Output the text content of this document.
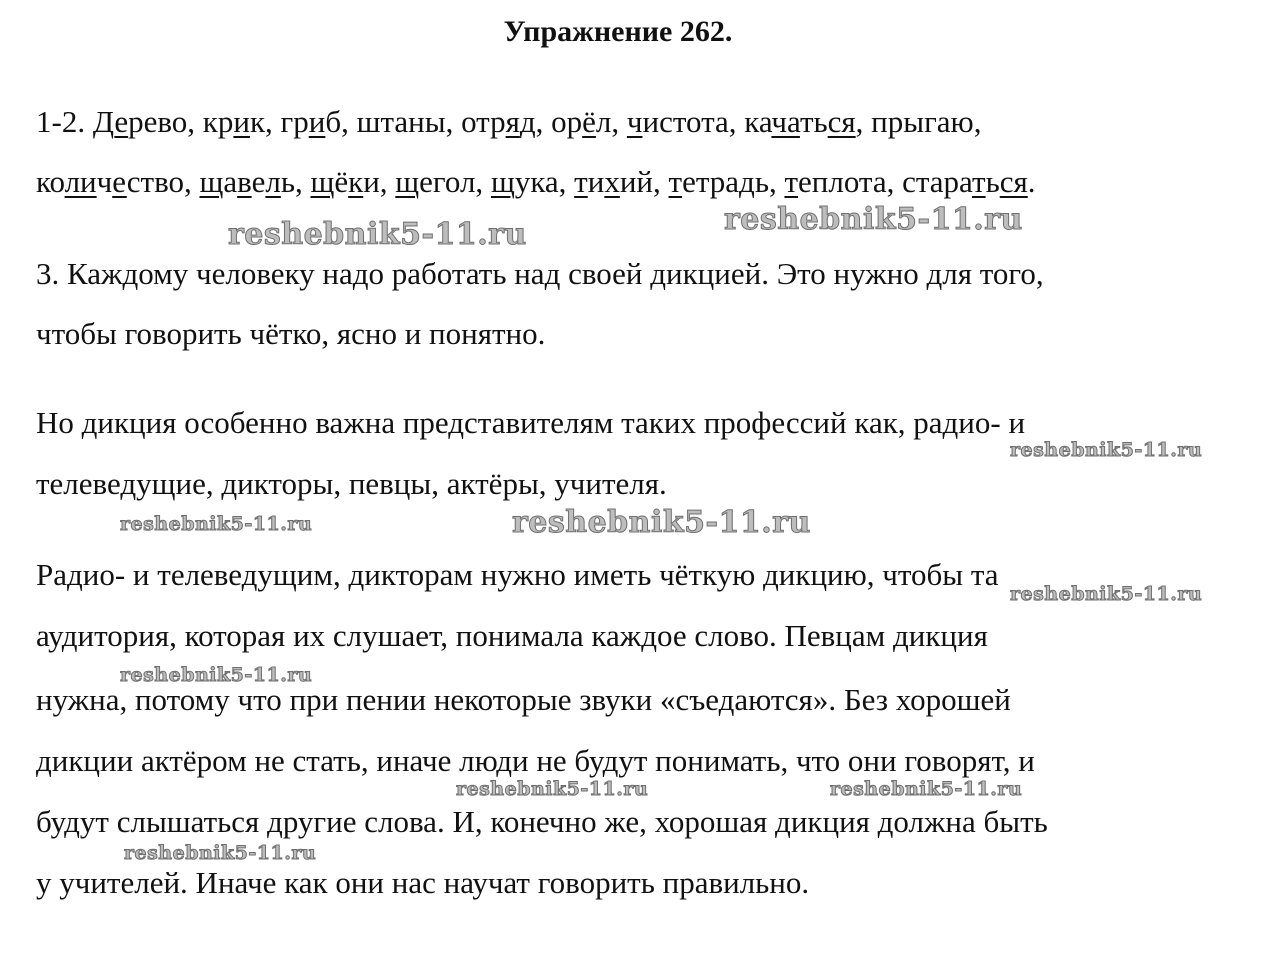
Упражнение 262.
1-2. Дерево, крик, гриб, штаны, отряд, орёл, чистота, качаться, прыгаю,
количество, щавель, щёки, щегол, щука, тихий, тетрадь, теплота, стараться.
3. Каждому человеку надо работать над своей дикцией. Это нужно для того,
чтобы говорить чётко, ясно и понятно.
Но дикция особенно важна представителям таких профессий как, радио- и
телеведущие, дикторы, певцы, актёры, учителя.
Радио- и телеведущим, дикторам нужно иметь чёткую дикцию, чтобы та
аудитория, которая их слушает, понимала каждое слово. Певцам дикция
нужна, потому что при пении некоторые звуки «съедаются». Без хорошей
дикции актёром не стать, иначе люди не будут понимать, что они говорят, и
будут слышаться другие слова. И, конечно же, хорошая дикция должна быть
у учителей. Иначе как они нас научат говорить правильно.
reshebnik5-11.ru	reshebnik5-11.ru
reshebnik5-11.ru
reshebnik5-11.ru	reshebnik5-11.ru
reshebnik5-11.ru
reshebnik5-11.ru
reshebnik5-11.ru	reshebnik5-11.ru
reshebnik5-11.ru
